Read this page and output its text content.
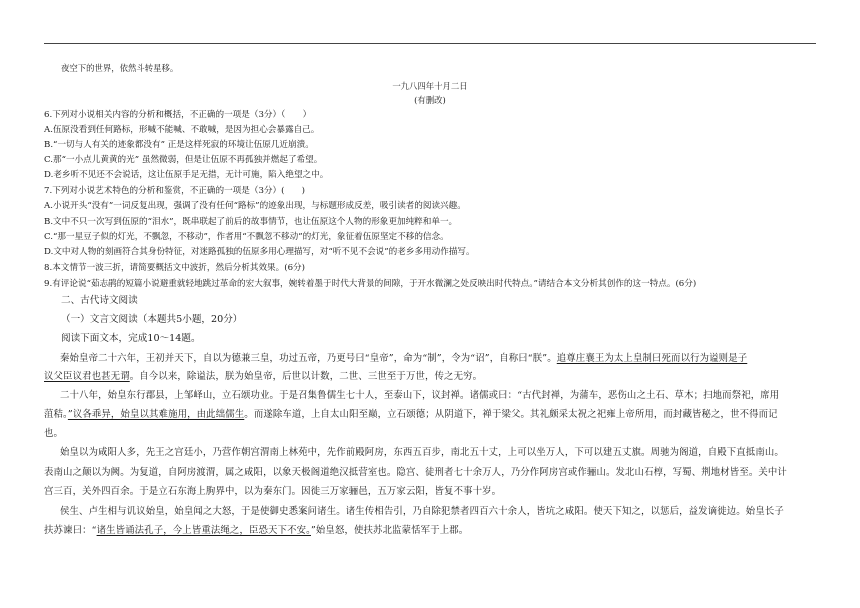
夜空下的世界，依然斗转星移。
一九八四年十月二日
(有删改)
6.下列对小说相关内容的分析和概括，不正确的一项是（3分）（　　）
A.伍原没看到任何路标，形喊不能喊、不敢喊，是因为担心会暴露自己。
B.“一切与人有关的迹象都没有” 正是这样死寂的环境让伍原几近崩溃。
C.那“一小点儿黄黄的光” 虽然微弱，但是让伍原不再孤独并燃起了希望。
D.老乡听不见还不会说话，这让伍原手足无措，无计可施，陷入绝望之中。
7.下列对小说艺术特色的分析和鉴赏，不正确的一项是（3分）(　　)
A.小说开头“没有”一词反复出现，强调了没有任何“路标”的迹象出现，与标题形成反差，吸引读者的阅读兴趣。
B.文中不只一次写到伍原的“泪水”，既串联起了前后的故事情节，也让伍原这个人物的形象更加纯粹和单一。
C.“那一星豆子似的灯光，不飘忽，不移动”，作者用“不飘忽不移动”的灯光，象征着伍原坚定不移的信念。
D.文中对人物的刻画符合其身份特征，对迷路孤独的伍原多用心理描写，对“听不见不会说”的老乡多用动作描写。
8.本文情节一波三折，请简要概括文中波折，然后分析其效果。(6分)
9.有评论说“茹志鹃的短篇小说避重就轻地跳过革命的宏大叙事，婉转着墨于时代大背景的间隙，于开水微澜之处反映出时代特点。”请结合本文分析其创作的这一特点。(6分)
二、古代诗文阅读
（一）文言文阅读（本题共5小题，20分）
阅读下面文本，完成10～14题。
秦始皇帝二十六年，王初并天下，自以为德兼三皇，功过五帝，乃更号曰“皇帝”，命为“制”，令为“诏”，自称曰“朕”。追尊庄襄王为太上皇制曰死而以行为谥则是子
议父臣议君也甚无谓。自今以来，除谥法，朕为始皇帝，后世以计数，二世、三世至于万世，传之无穷。
二十八年，始皇东行郡县，上邹峄山，立石颂功业。于是召集鲁儒生七十人，至泰山下，议封禅。诸儒或曰：“古代封禅，为蒲车，恶伤山之土石、草木；扫地而祭祀，席用
菹秸。”议各乖异，始皇以其难施用，由此绌儒生。而遂除车道，上自太山阳至巅，立石颂德；从阴道下，禅于梁父。其礼颇采太祝之祀雍上帝所用，而封藏皆秘之，世不得而记
也。
始皇以为咸阳人多，先王之宫廷小，乃营作朝宫渭南上林苑中，先作前殿阿房，东西五百步，南北五十丈，上可以坐万人，下可以建五丈旗。周驰为阁道，自殿下直抵南山。
表南山之颠以为阙。为复道，自阿房渡渭，属之咸阳，以象天极阁道绝汉抵营室也。隐宫、徒刑者七十余万人，乃分作阿房宫或作骊山。发北山石椁，写蜀、荆地材皆至。关中计
宫三百，关外四百余。于是立石东海上朐界中，以为秦东门。因徙三万家骊邑，五万家云阳，皆复不事十岁。
侯生、卢生相与讥议始皇，始皇闻之大怒，于是使御史悉案问诸生。诸生传相告引，乃自除犯禁者四百六十余人，皆坑之咸阳。使天下知之，以惩后，益发谪徙边。始皇长子
扶苏谏曰：“诸生皆诵法孔子，今上皆重法绳之，臣恐天下不安。”始皇怒，使扶苏北监蒙恬军于上郡。
